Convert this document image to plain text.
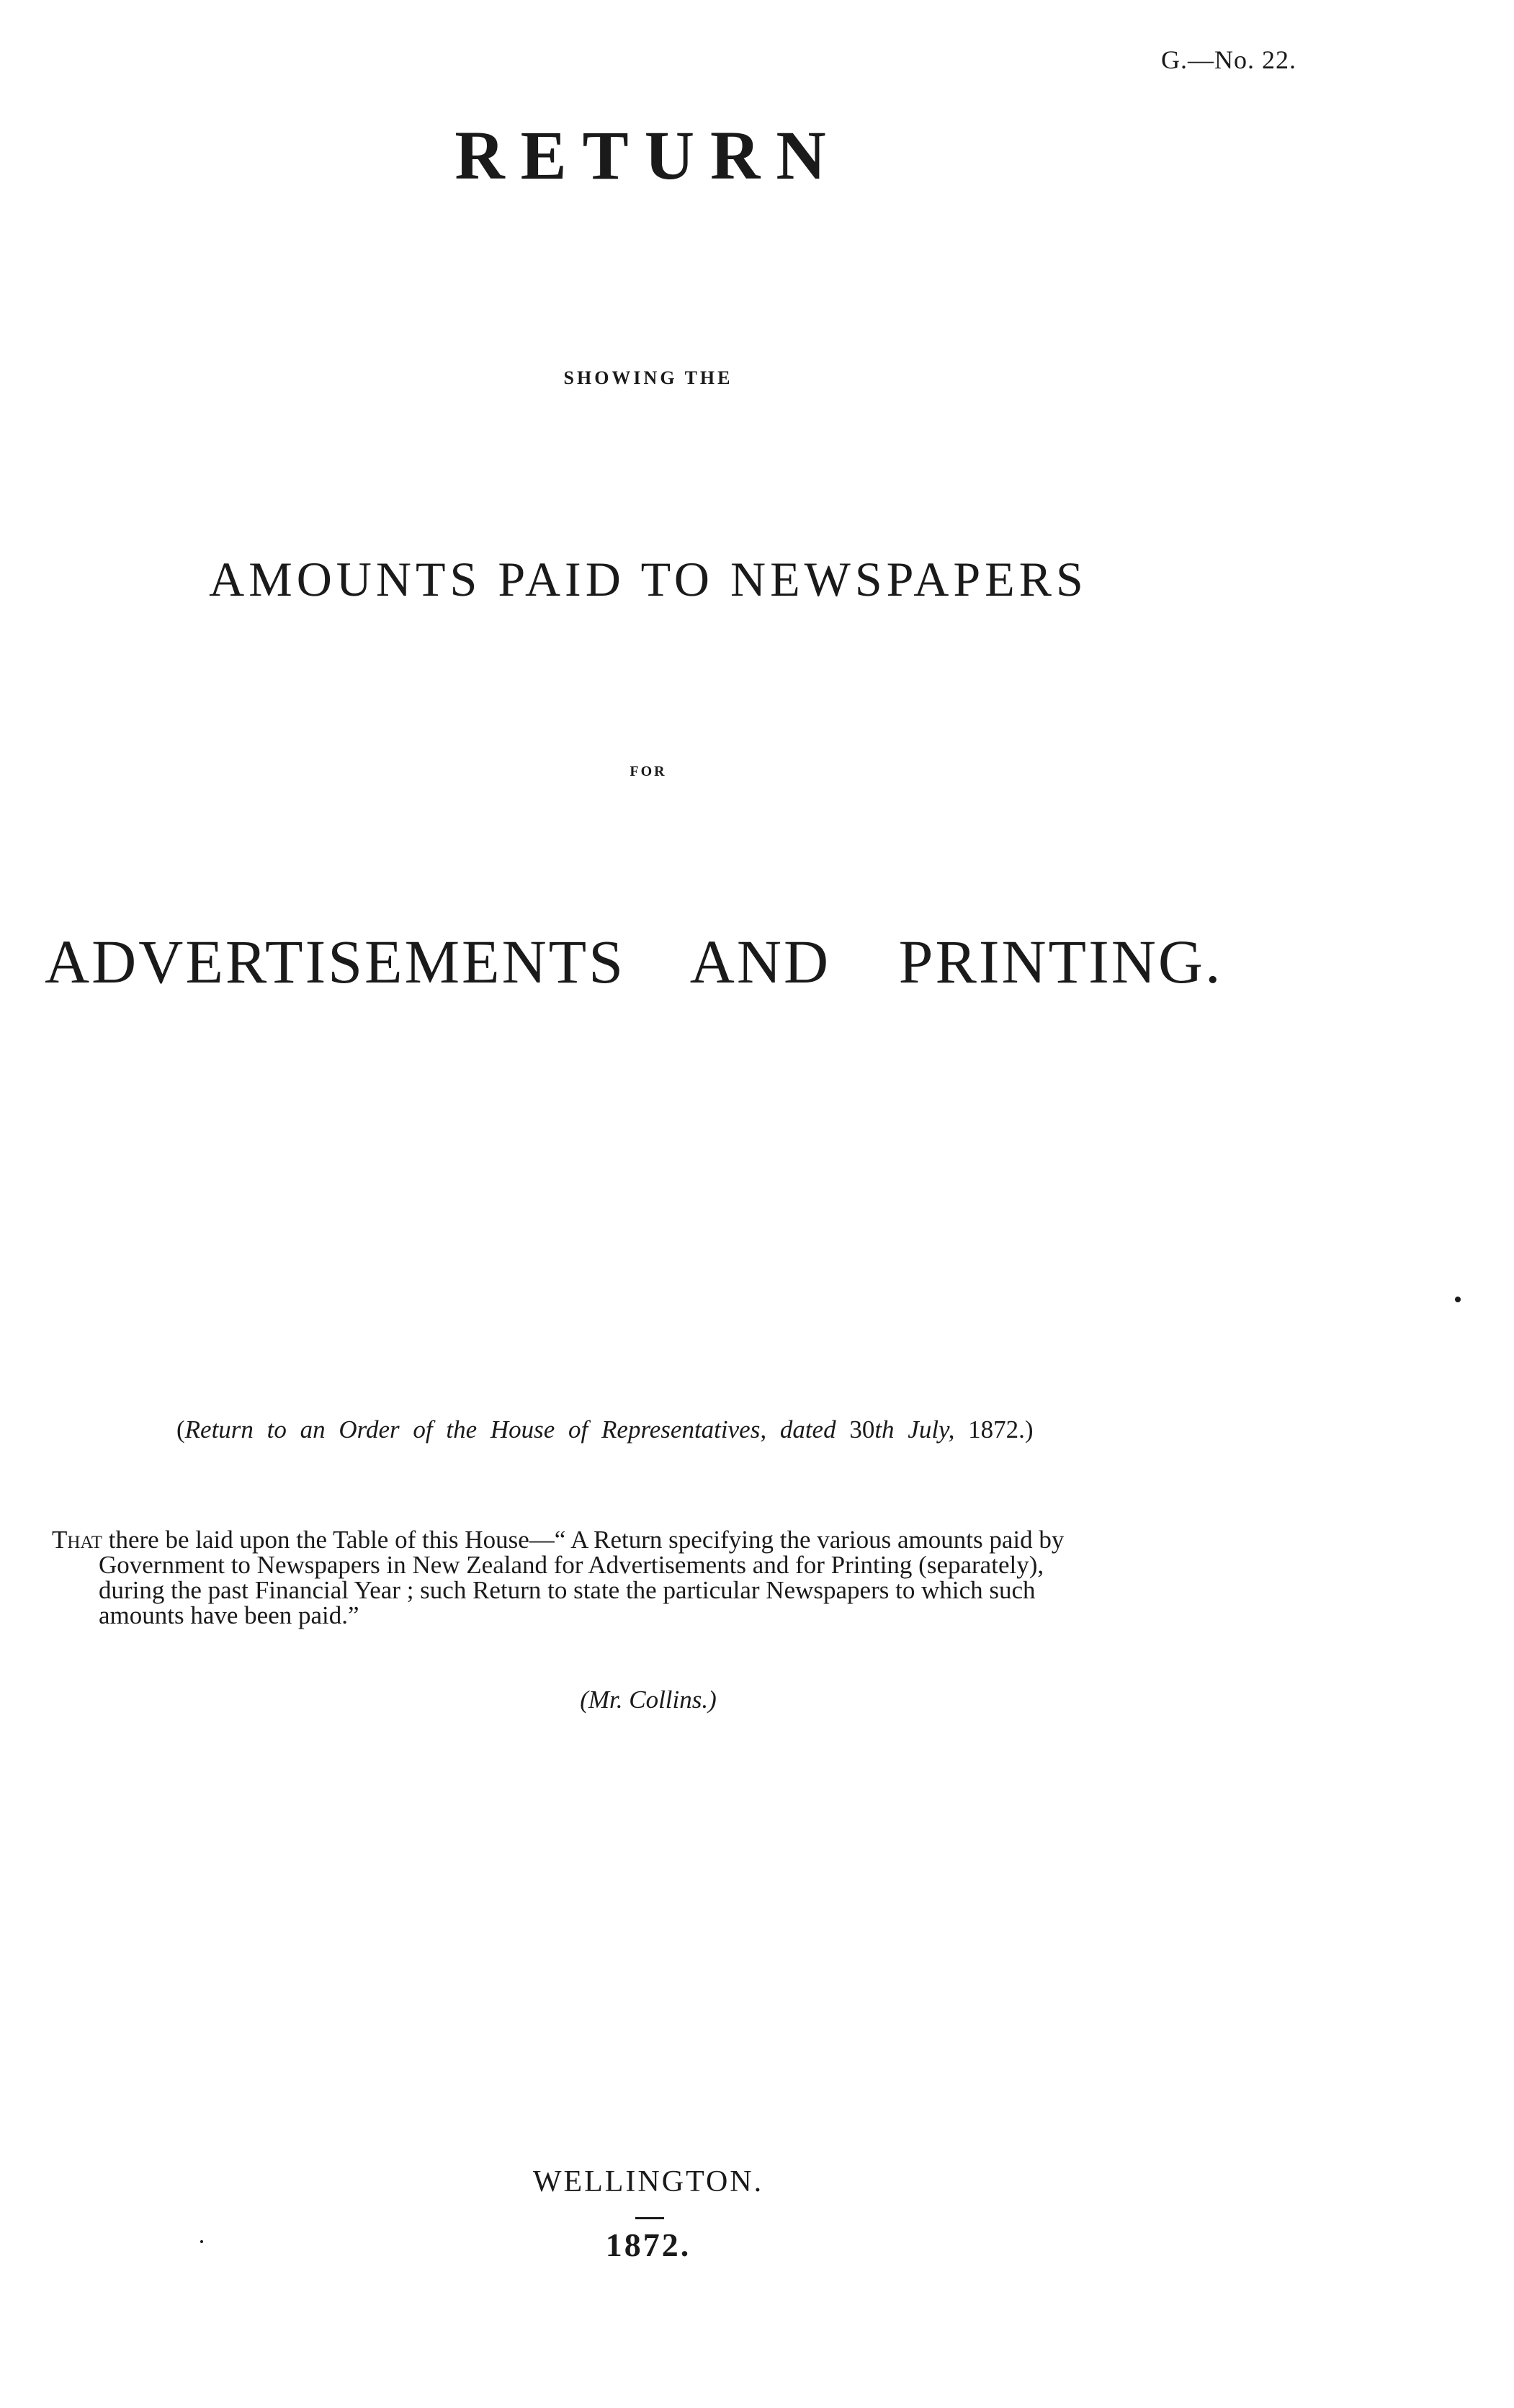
G.—No. 22.
RETURN
SHOWING THE
AMOUNTS PAID TO NEWSPAPERS
FOR
ADVERTISEMENTS AND PRINTING.
(Return to an Order of the House of Representatives, dated 30th July, 1872.)

That there be laid upon the Table of this House—“ A Return specifying the various amounts paid by

Government to Newspapers in New Zealand for Advertisements and for Printing (separately),

during the past Financial Year ; such Return to state the particular Newspapers to which such

amounts have been paid.”

(Mr. Collins.)
WELLINGTON.
1872.
